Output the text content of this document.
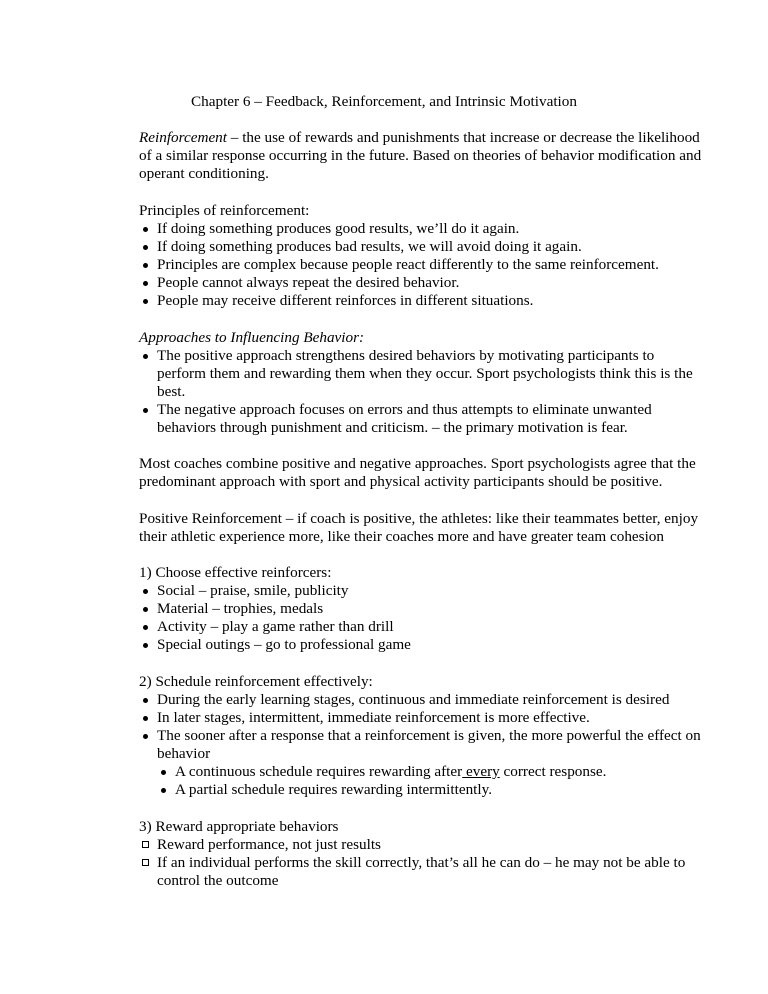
Chapter 6 – Feedback, Reinforcement, and Intrinsic Motivation
Reinforcement – the use of rewards and punishments that increase or decrease the likelihood
of a similar response occurring in the future. Based on theories of behavior modification and
operant conditioning.
Principles of reinforcement:
If doing something produces good results, we’ll do it again.
If doing something produces bad results, we will avoid doing it again.
Principles are complex because people react differently to the same reinforcement.
People cannot always repeat the desired behavior.
People may receive different reinforces in different situations.
Approaches to Influencing Behavior:
The positive approach strengthens desired behaviors by motivating participants to
perform them and rewarding them when they occur. Sport psychologists think this is the
best.
The negative approach focuses on errors and thus attempts to eliminate unwanted
behaviors through punishment and criticism. – the primary motivation is fear.
Most coaches combine positive and negative approaches. Sport psychologists agree that the
predominant approach with sport and physical activity participants should be positive.
Positive Reinforcement – if coach is positive, the athletes: like their teammates better, enjoy
their athletic experience more, like their coaches more and have greater team cohesion
1) Choose effective reinforcers:
Social – praise, smile, publicity
Material – trophies, medals
Activity – play a game rather than drill
Special outings – go to professional game
2) Schedule reinforcement effectively:
During the early learning stages, continuous and immediate reinforcement is desired
In later stages, intermittent, immediate reinforcement is more effective.
The sooner after a response that a reinforcement is given, the more powerful the effect on
behavior
A continuous schedule requires rewarding after every correct response.
A partial schedule requires rewarding intermittently.
3) Reward appropriate behaviors
Reward performance, not just results
If an individual performs the skill correctly, that’s all he can do – he may not be able to
control the outcome
